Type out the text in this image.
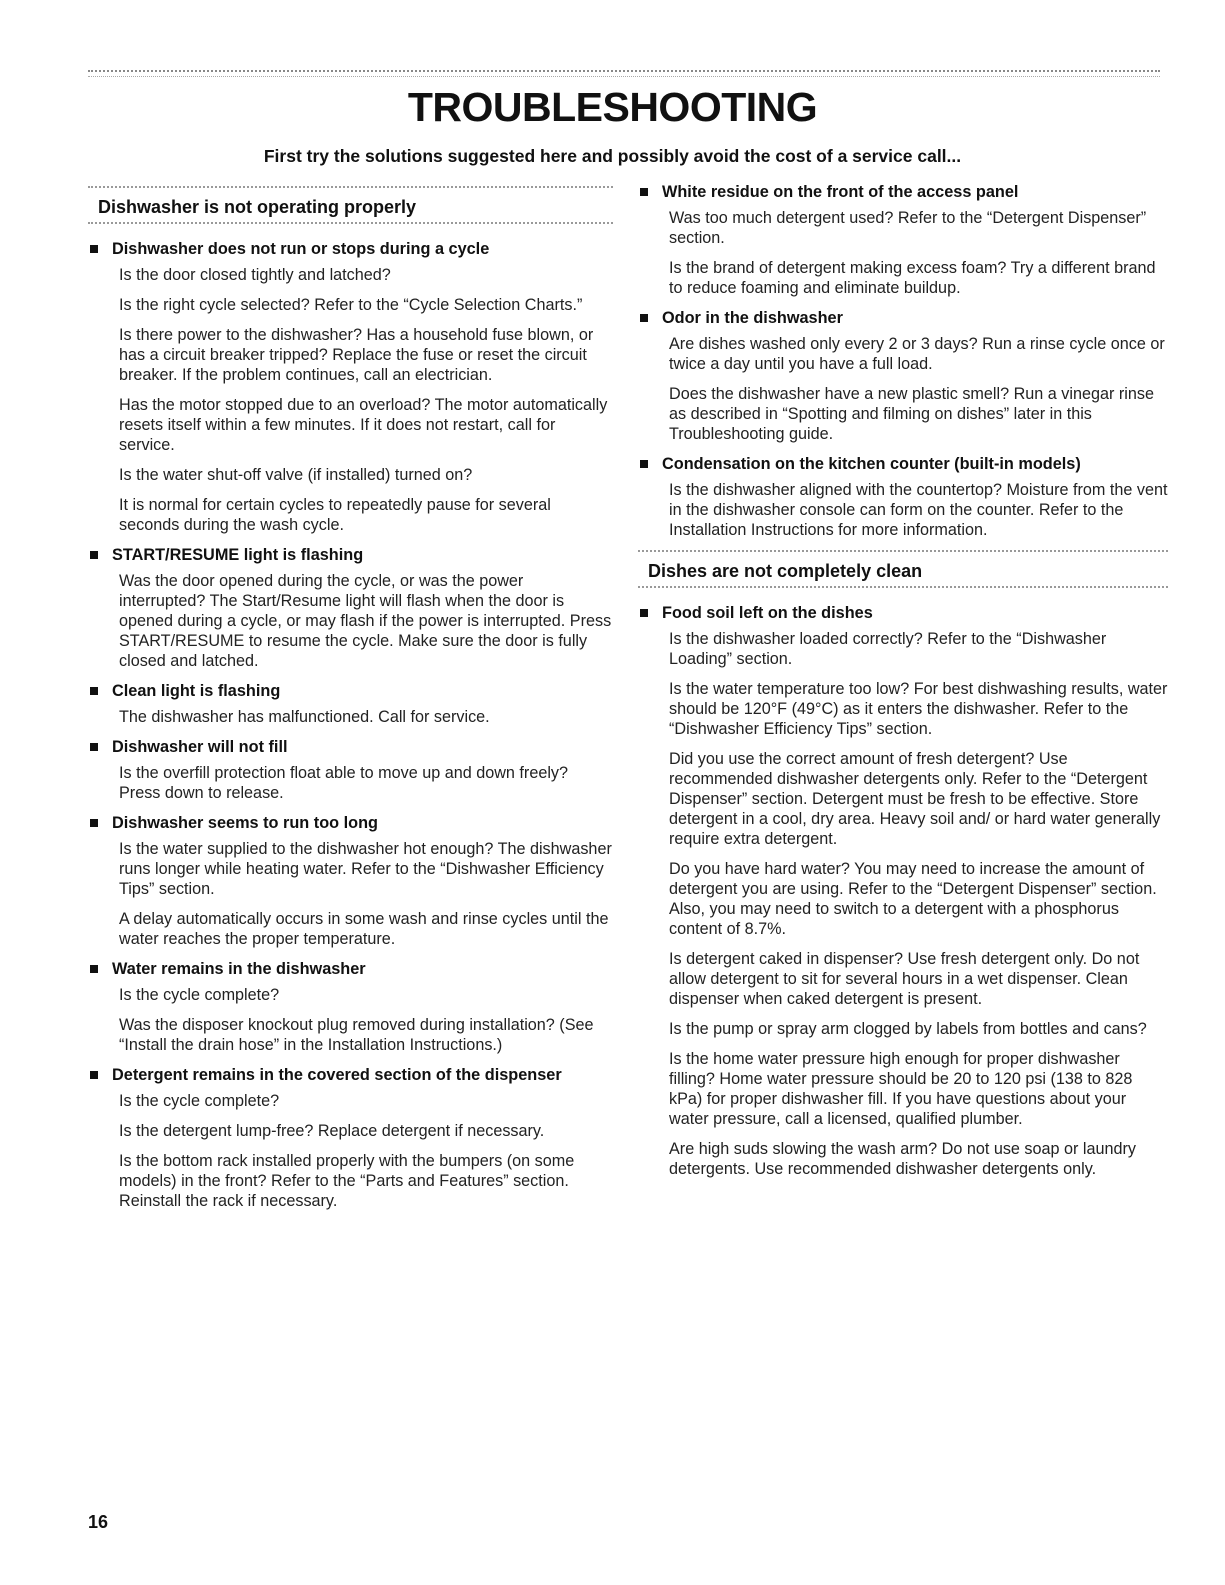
TROUBLESHOOTING

First try the solutions suggested here and possibly avoid the cost of a service call...

Dishwasher is not operating properly
Dishwasher does not run or stops during a cycle

Is the door closed tightly and latched?

Is the right cycle selected? Refer to the “Cycle Selection Charts.”

Is there power to the dishwasher? Has a household fuse blown, or has a circuit breaker tripped? Replace the fuse or reset the circuit breaker. If the problem continues, call an electrician.

Has the motor stopped due to an overload? The motor automatically resets itself within a few minutes. If it does not restart, call for service.

Is the water shut-off valve (if installed) turned on?

It is normal for certain cycles to repeatedly pause for several seconds during the wash cycle.

START/RESUME light is flashing

Was the door opened during the cycle, or was the power interrupted? The Start/Resume light will flash when the door is opened during a cycle, or may flash if the power is interrupted. Press START/RESUME to resume the cycle. Make sure the door is fully closed and latched.

Clean light is flashing

The dishwasher has malfunctioned. Call for service.

Dishwasher will not fill

Is the overfill protection float able to move up and down freely? Press down to release.

Dishwasher seems to run too long

Is the water supplied to the dishwasher hot enough? The dishwasher runs longer while heating water. Refer to the “Dishwasher Efficiency Tips” section.

A delay automatically occurs in some wash and rinse cycles until the water reaches the proper temperature.

Water remains in the dishwasher

Is the cycle complete?

Was the disposer knockout plug removed during installation? (See “Install the drain hose” in the Installation Instructions.)

Detergent remains in the covered section of the dispenser

Is the cycle complete?

Is the detergent lump-free? Replace detergent if necessary.

Is the bottom rack installed properly with the bumpers (on some models) in the front? Refer to the “Parts and Features” section. Reinstall the rack if necessary.

White residue on the front of the access panel

Was too much detergent used? Refer to the “Detergent Dispenser” section.

Is the brand of detergent making excess foam? Try a different brand to reduce foaming and eliminate buildup.

Odor in the dishwasher

Are dishes washed only every 2 or 3 days? Run a rinse cycle once or twice a day until you have a full load.

Does the dishwasher have a new plastic smell? Run a vinegar rinse as described in “Spotting and filming on dishes” later in this Troubleshooting guide.

Condensation on the kitchen counter (built-in models)

Is the dishwasher aligned with the countertop? Moisture from the vent in the dishwasher console can form on the counter. Refer to the Installation Instructions for more information.

Dishes are not completely clean
Food soil left on the dishes

Is the dishwasher loaded correctly? Refer to the “Dishwasher Loading” section.

Is the water temperature too low? For best dishwashing results, water should be 120°F (49°C) as it enters the dishwasher. Refer to the “Dishwasher Efficiency Tips” section.

Did you use the correct amount of fresh detergent? Use recommended dishwasher detergents only. Refer to the “Detergent Dispenser” section. Detergent must be fresh to be effective. Store detergent in a cool, dry area. Heavy soil and/ or hard water generally require extra detergent.

Do you have hard water? You may need to increase the amount of detergent you are using. Refer to the “Detergent Dispenser” section. Also, you may need to switch to a detergent with a phosphorus content of 8.7%.

Is detergent caked in dispenser? Use fresh detergent only. Do not allow detergent to sit for several hours in a wet dispenser. Clean dispenser when caked detergent is present.

Is the pump or spray arm clogged by labels from bottles and cans?

Is the home water pressure high enough for proper dishwasher filling? Home water pressure should be 20 to 120 psi (138 to 828 kPa) for proper dishwasher fill. If you have questions about your water pressure, call a licensed, qualified plumber.

Are high suds slowing the wash arm? Do not use soap or laundry detergents. Use recommended dishwasher detergents only.

16
